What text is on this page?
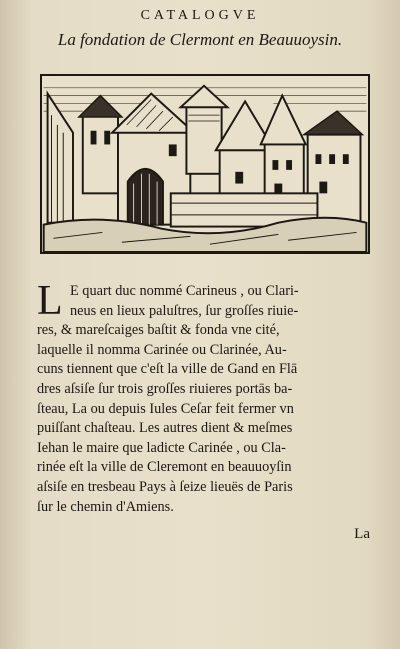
CATALOGVE
La fondation de Clermont en Beauuoysin.
L E quart duc nommé Carineus , ou Clari-
neus en lieux paluſtres, ſur groſſes riuie-
res, & mareſcaiges baſtit & fonda vne cité,
laquelle il nomma Carinée ou Clarinée, Au-
cuns tiennent que c'eſt la ville de Gand en Flā
dres aſsiſe ſur trois groſſes riuieres portās ba-
ſteau, La ou depuis Iules Ceſar feit fermer vn
puiſſant chaſteau. Les autres dient & meſmes
Iehan le maire que ladicte Carinée , ou Cla-
rinée eſt la ville de Cleremont en beauuoyſin
aſsiſe en tresbeau Pays à ſeize lieuës de Paris
ſur le chemin d'Amiens.
La
